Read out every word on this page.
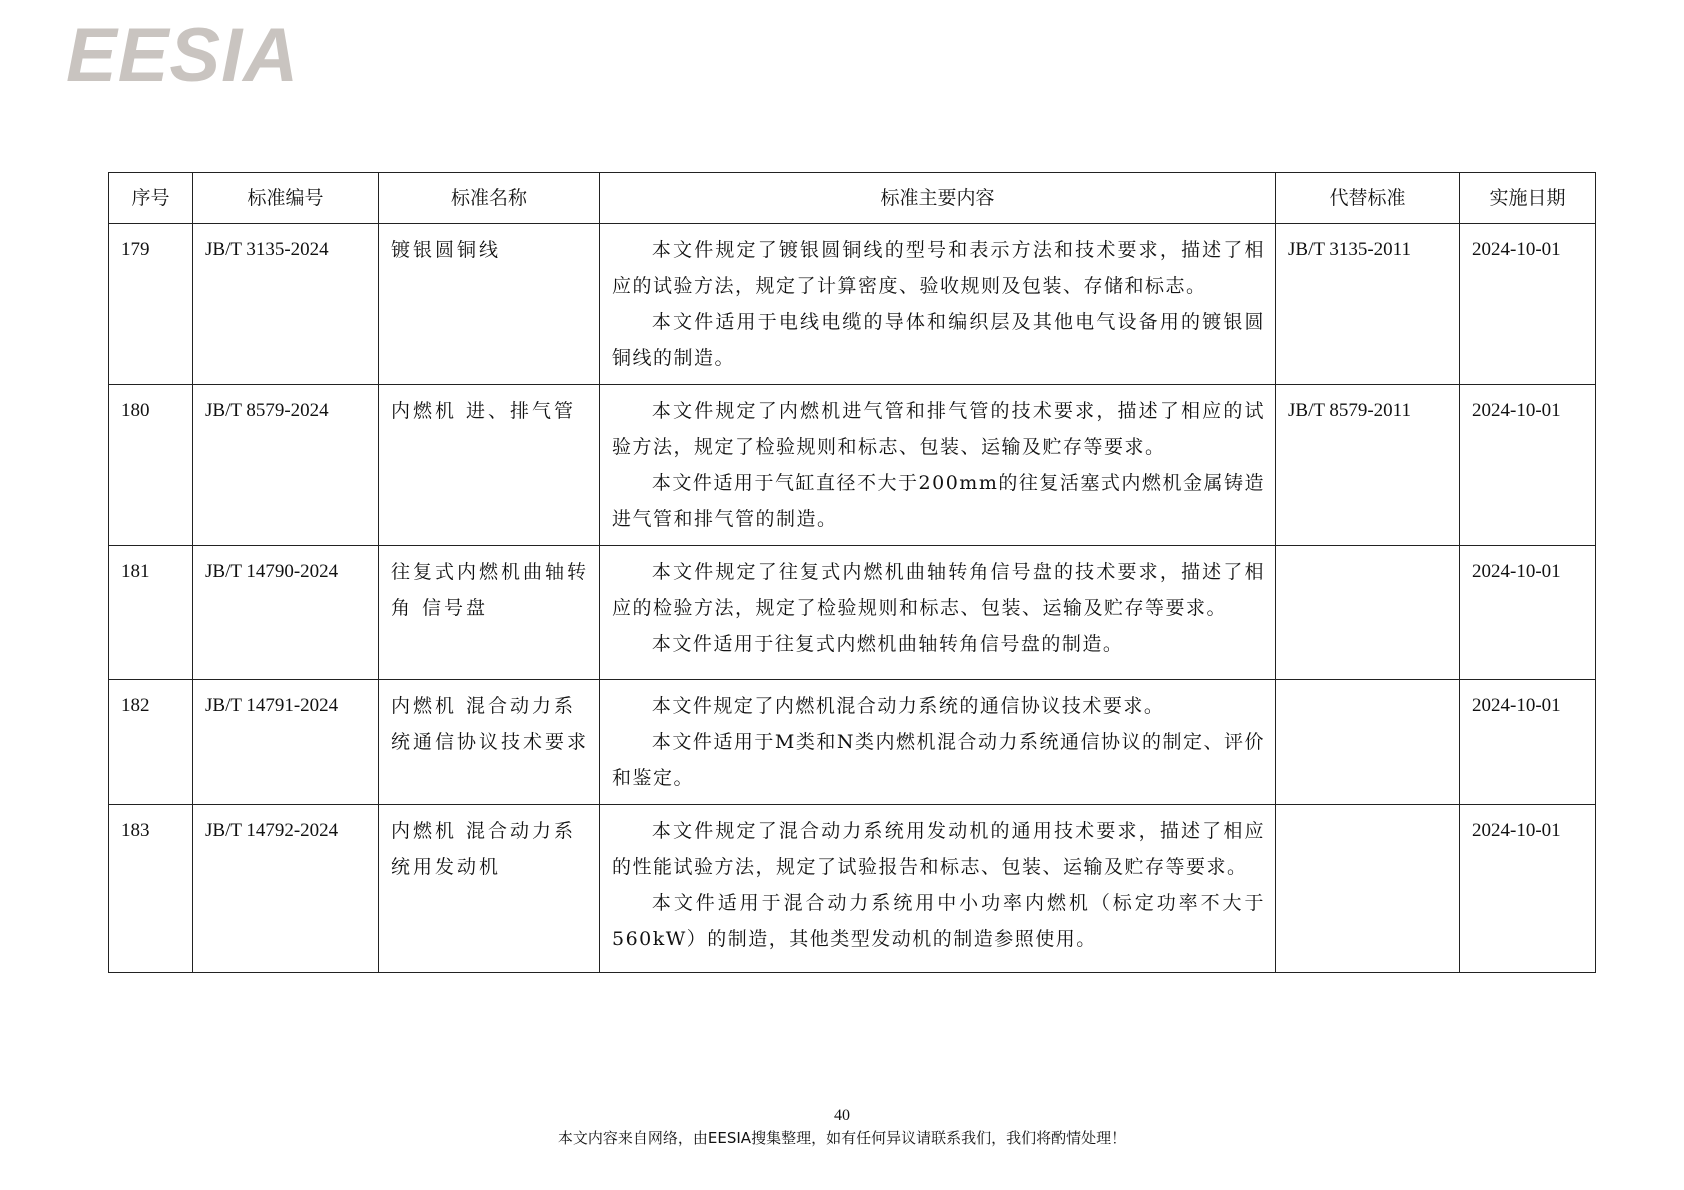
EESIA
序号	标准编号	标准名称	标准主要内容	代替标准	实施日期
179	JB/T 3135-2024	镀银圆铜线	本文件规定了镀银圆铜线的型号和表示方法和技术要求，描述了相应的试验方法，规定了计算密度、验收规则及包装、存储和标志。

本文件适用于电线电缆的导体和编织层及其他电气设备用的镀银圆铜线的制造。	JB/T 3135-2011	2024-10-01
180	JB/T 8579-2024	内燃机 进、排气管	本文件规定了内燃机进气管和排气管的技术要求，描述了相应的试验方法，规定了检验规则和标志、包装、运输及贮存等要求。

本文件适用于气缸直径不大于200mm的往复活塞式内燃机金属铸造进气管和排气管的制造。	JB/T 8579-2011	2024-10-01
181	JB/T 14790-2024	往复式内燃机曲轴转角 信号盘	本文件规定了往复式内燃机曲轴转角信号盘的技术要求，描述了相应的检验方法，规定了检验规则和标志、包装、运输及贮存等要求。

本文件适用于往复式内燃机曲轴转角信号盘的制造。		2024-10-01
182	JB/T 14791-2024	内燃机 混合动力系统通信协议技术要求	本文件规定了内燃机混合动力系统的通信协议技术要求。

本文件适用于M类和N类内燃机混合动力系统通信协议的制定、评价和鉴定。		2024-10-01
183	JB/T 14792-2024	内燃机 混合动力系统用发动机	本文件规定了混合动力系统用发动机的通用技术要求，描述了相应的性能试验方法，规定了试验报告和标志、包装、运输及贮存等要求。

本文件适用于混合动力系统用中小功率内燃机（标定功率不大于560kW）的制造，其他类型发动机的制造参照使用。		2024-10-01
40
本文内容来自网络，由EESIA搜集整理，如有任何异议请联系我们，我们将酌情处理！
